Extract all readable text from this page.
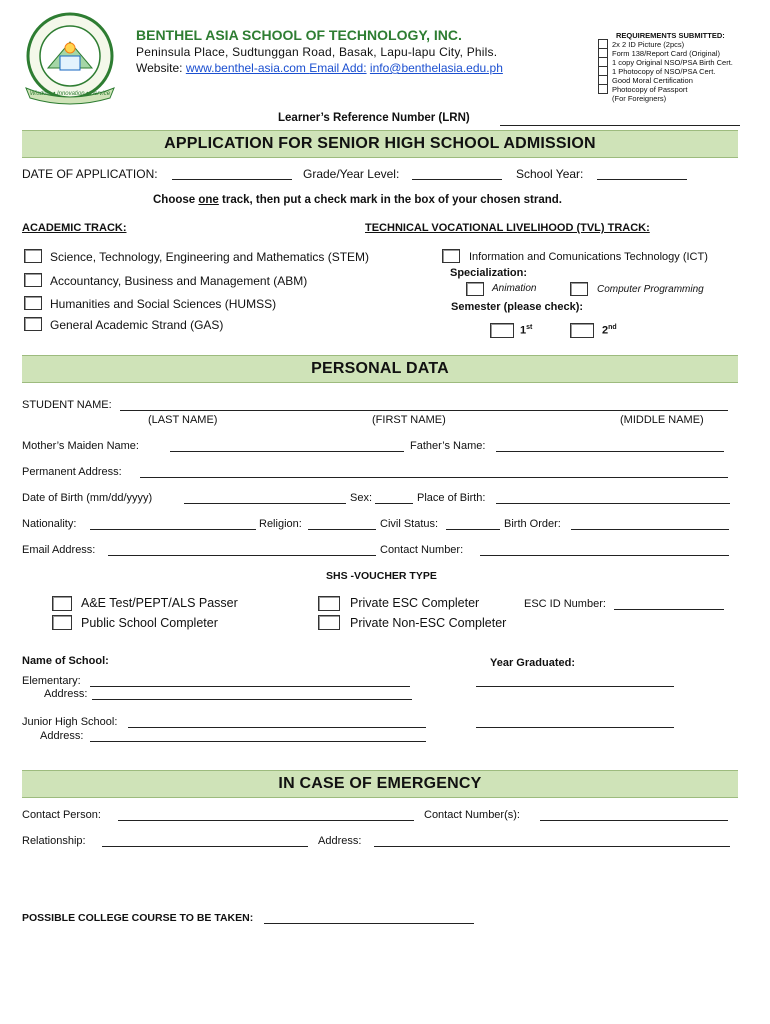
Wisdom • Innovation • Service
BENTHEL ASIA SCHOOL OF TECHNOLOGY, INC.
Peninsula Place, Sudtunggan Road, Basak, Lapu-lapu City, Phils.
Website: www.benthel-asia.com Email Add: info@benthelasia.edu.ph
REQUIREMENTS SUBMITTED:
2x 2 ID Picture (2pcs)
Form 138/Report Card (Original)
1 copy Original NSO/PSA Birth Cert.
1 Photocopy of NSO/PSA Cert.
Good Moral Certification
Photocopy of Passport
(For Foreigners)
Learner’s Reference Number (LRN)
APPLICATION FOR SENIOR HIGH SCHOOL ADMISSION
DATE OF APPLICATION:	Grade/Year Level:	School Year:
Choose one track, then put a check mark in the box of your chosen strand.
ACADEMIC TRACK:
Science, Technology, Engineering and Mathematics (STEM)
Accountancy, Business and Management (ABM)
Humanities and Social Sciences (HUMSS)
General Academic Strand (GAS)
TECHNICAL VOCATIONAL LIVELIHOOD (TVL) TRACK:
Information and Comunications Technology (ICT)
Specialization:
Animation	Computer Programming
Semester (please check):
1st	2nd
PERSONAL DATA
STUDENT NAME:
(LAST NAME)	(FIRST NAME)	(MIDDLE NAME)
Mother’s Maiden Name:	Father’s Name:
Permanent Address:
Date of Birth (mm/dd/yyyy)	Sex:	Place of Birth:
Nationality:	Religion:	Civil Status:	Birth Order:
Email Address:	Contact Number:
SHS -VOUCHER TYPE
A&E Test/PEPT/ALS Passer
Public School Completer
Private ESC Completer
Private Non-ESC Completer
ESC ID Number:
Name of School:	Year Graduated:
Elementary:
Address:
Junior High School:
Address:
IN CASE OF EMERGENCY
Contact Person:	Contact Number(s):
Relationship:	Address:
POSSIBLE COLLEGE COURSE TO BE TAKEN:
